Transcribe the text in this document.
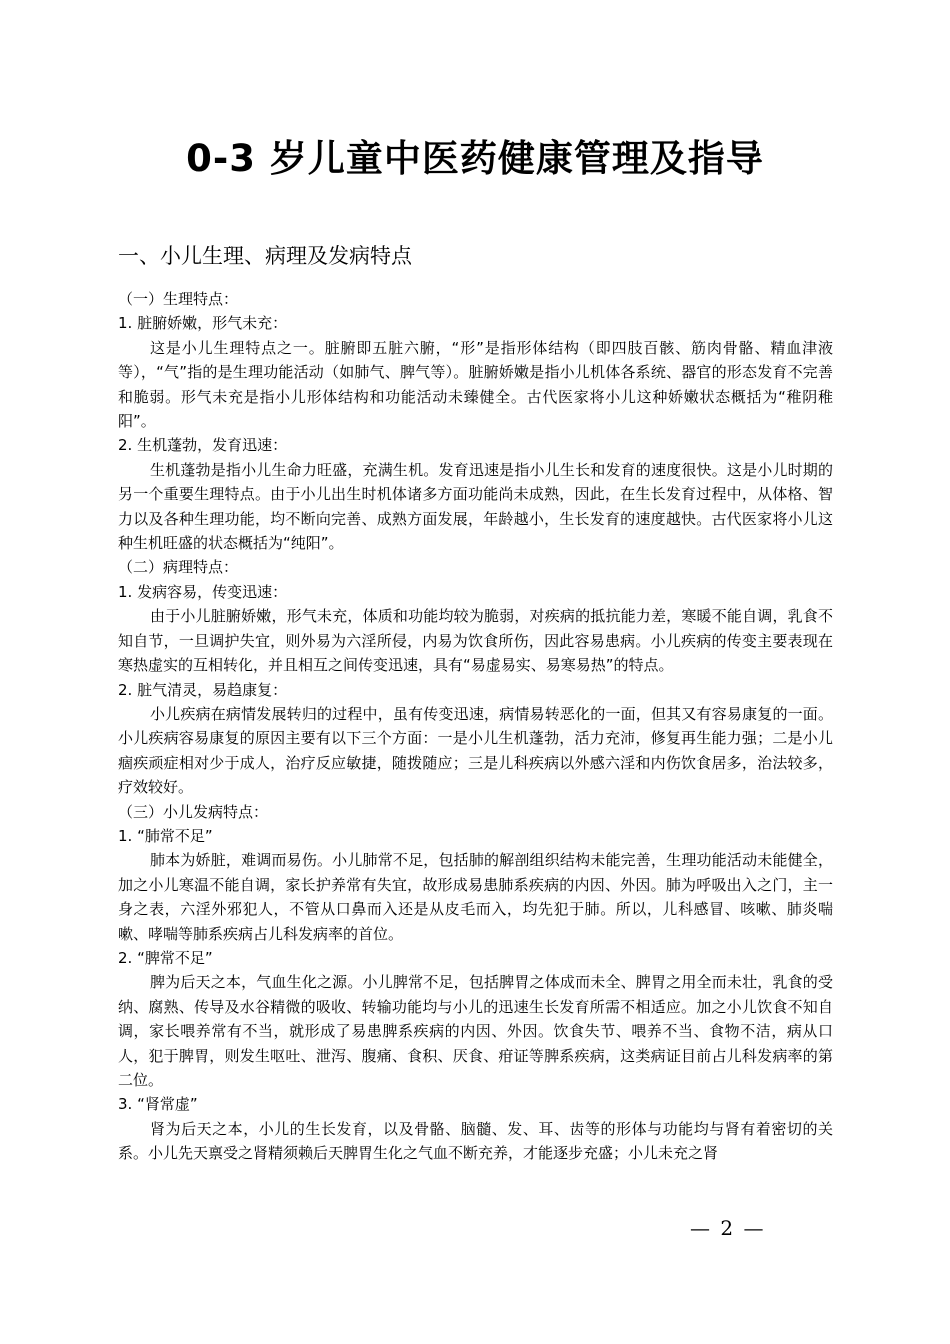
0-3 岁儿童中医药健康管理及指导
一、小儿生理、病理及发病特点

（一）生理特点：

1. 脏腑娇嫩，形气未充：

这是小儿生理特点之一。脏腑即五脏六腑，“形”是指形体结构（即四肢百骸、筋肉骨骼、精血津液等），“气”指的是生理功能活动（如肺气、脾气等）。脏腑娇嫩是指小儿机体各系统、器官的形态发育不完善和脆弱。形气未充是指小儿形体结构和功能活动未臻健全。古代医家将小儿这种娇嫩状态概括为“稚阴稚阳”。

2. 生机蓬勃，发育迅速：

生机蓬勃是指小儿生命力旺盛，充满生机。发育迅速是指小儿生长和发育的速度很快。这是小儿时期的另一个重要生理特点。由于小儿出生时机体诸多方面功能尚未成熟，因此，在生长发育过程中，从体格、智力以及各种生理功能，均不断向完善、成熟方面发展，年龄越小，生长发育的速度越快。古代医家将小儿这种生机旺盛的状态概括为“纯阳”。

（二）病理特点：

1. 发病容易，传变迅速：

由于小儿脏腑娇嫩，形气未充，体质和功能均较为脆弱，对疾病的抵抗能力差，寒暖不能自调，乳食不知自节，一旦调护失宜，则外易为六淫所侵，内易为饮食所伤，因此容易患病。小儿疾病的传变主要表现在寒热虚实的互相转化，并且相互之间传变迅速，具有“易虚易实、易寒易热”的特点。

2. 脏气清灵，易趋康复：

小儿疾病在病情发展转归的过程中，虽有传变迅速，病情易转恶化的一面，但其又有容易康复的一面。小儿疾病容易康复的原因主要有以下三个方面：一是小儿生机蓬勃，活力充沛，修复再生能力强；二是小儿痼疾顽症相对少于成人，治疗反应敏捷，随拨随应；三是儿科疾病以外感六淫和内伤饮食居多，治法较多，疗效较好。

（三）小儿发病特点：

1. “肺常不足”

肺本为娇脏，难调而易伤。小儿肺常不足，包括肺的解剖组织结构未能完善，生理功能活动未能健全，加之小儿寒温不能自调，家长护养常有失宜，故形成易患肺系疾病的内因、外因。肺为呼吸出入之门，主一身之表，六淫外邪犯人，不管从口鼻而入还是从皮毛而入，均先犯于肺。所以，儿科感冒、咳嗽、肺炎喘嗽、哮喘等肺系疾病占儿科发病率的首位。

2. “脾常不足”

脾为后天之本，气血生化之源。小儿脾常不足，包括脾胃之体成而未全、脾胃之用全而未壮，乳食的受纳、腐熟、传导及水谷精微的吸收、转输功能均与小儿的迅速生长发育所需不相适应。加之小儿饮食不知自调，家长喂养常有不当，就形成了易患脾系疾病的内因、外因。饮食失节、喂养不当、食物不洁，病从口人，犯于脾胃，则发生呕吐、泄泻、腹痛、食积、厌食、疳证等脾系疾病，这类病证目前占儿科发病率的第二位。

3. “肾常虚”

肾为后天之本，小儿的生长发育，以及骨骼、脑髓、发、耳、齿等的形体与功能均与肾有着密切的关系。小儿先天禀受之肾精须赖后天脾胃生化之气血不断充养，才能逐步充盛；小儿未充之肾

— 2 —
